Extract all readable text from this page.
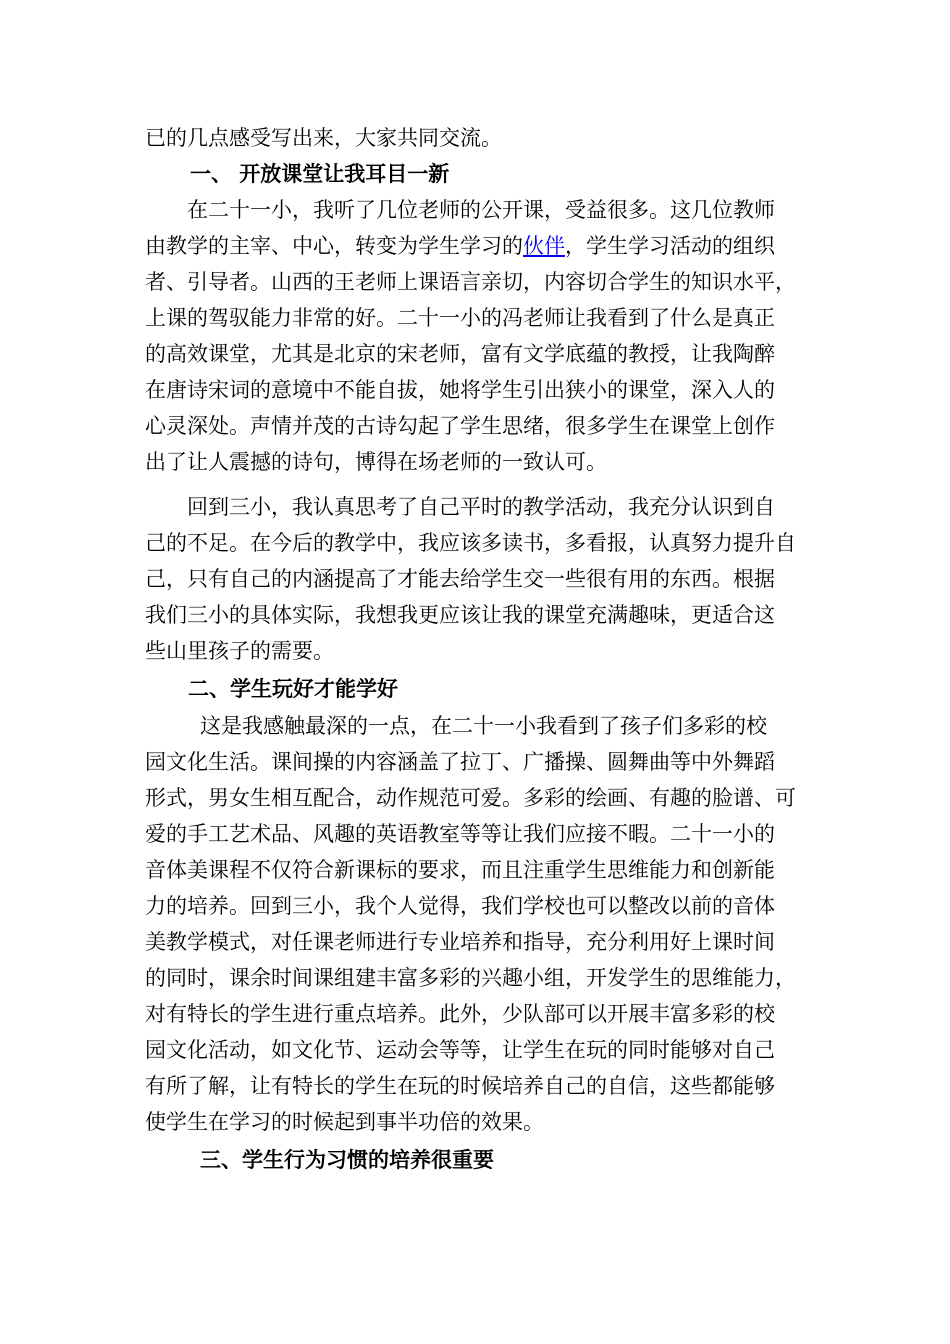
已的几点感受写出来，大家共同交流。
一、 开放课堂让我耳目一新
在二十一小，我听了几位老师的公开课，受益很多。这几位教师
由教学的主宰、中心，转变为学生学习的伙伴，学生学习活动的组织
者、引导者。山西的王老师上课语言亲切，内容切合学生的知识水平，
上课的驾驭能力非常的好。二十一小的冯老师让我看到了什么是真正
的高效课堂，尤其是北京的宋老师，富有文学底蕴的教授，让我陶醉
在唐诗宋词的意境中不能自拔，她将学生引出狭小的课堂，深入人的
心灵深处。声情并茂的古诗勾起了学生思绪，很多学生在课堂上创作
出了让人震撼的诗句，博得在场老师的一致认可。
回到三小，我认真思考了自己平时的教学活动，我充分认识到自
己的不足。在今后的教学中，我应该多读书，多看报，认真努力提升自
己，只有自己的内涵提高了才能去给学生交一些很有用的东西。根据
我们三小的具体实际，我想我更应该让我的课堂充满趣味，更适合这
些山里孩子的需要。
二、学生玩好才能学好
这是我感触最深的一点，在二十一小我看到了孩子们多彩的校
园文化生活。课间操的内容涵盖了拉丁、广播操、圆舞曲等中外舞蹈
形式，男女生相互配合，动作规范可爱。多彩的绘画、有趣的脸谱、可
爱的手工艺术品、风趣的英语教室等等让我们应接不暇。二十一小的
音体美课程不仅符合新课标的要求，而且注重学生思维能力和创新能
力的培养。回到三小，我个人觉得，我们学校也可以整改以前的音体
美教学模式，对任课老师进行专业培养和指导，充分利用好上课时间
的同时，课余时间课组建丰富多彩的兴趣小组，开发学生的思维能力，
对有特长的学生进行重点培养。此外，少队部可以开展丰富多彩的校
园文化活动，如文化节、运动会等等，让学生在玩的同时能够对自己
有所了解，让有特长的学生在玩的时候培养自己的自信，这些都能够
使学生在学习的时候起到事半功倍的效果。
三、学生行为习惯的培养很重要
